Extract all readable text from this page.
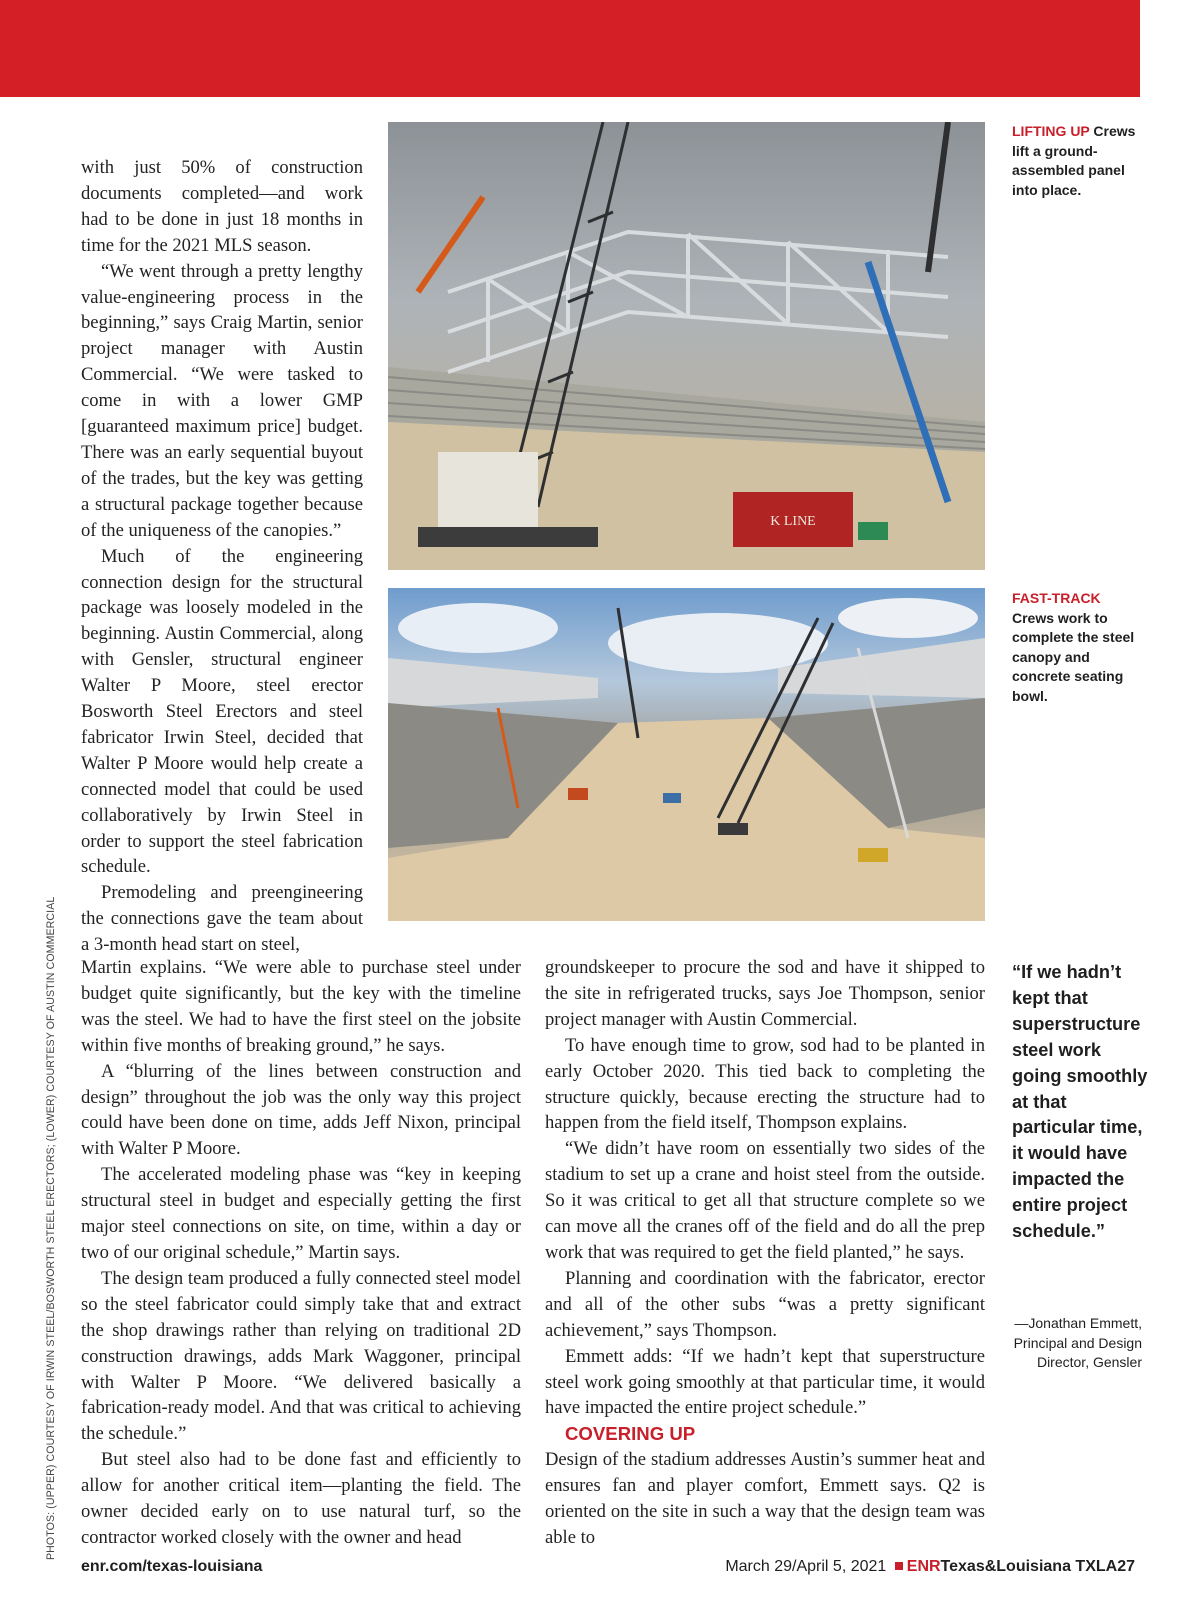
with just 50% of construction documents completed—and work had to be done in just 18 months in time for the 2021 MLS season.

“We went through a pretty lengthy value-engineering process in the beginning,” says Craig Martin, senior project manager with Austin Commercial. “We were tasked to come in with a lower GMP [guaranteed maximum price] budget. There was an early sequential buyout of the trades, but the key was getting a structural package together because of the uniqueness of the canopies.”

Much of the engineering connection design for the structural package was loosely modeled in the beginning. Austin Commercial, along with Gensler, structural engineer Walter P Moore, steel erector Bosworth Steel Erectors and steel fabricator Irwin Steel, decided that Walter P Moore would help create a connected model that could be used collaboratively by Irwin Steel in order to support the steel fabrication schedule.

Premodeling and preengineering the connections gave the team about a 3-month head start on steel,

K LINE
LIFTING UP Crews lift a ground-assembled panel into place.
FAST-TRACK
Crews work to complete the steel canopy and concrete seating bowl.

Martin explains. “We were able to purchase steel under budget quite significantly, but the key with the timeline was the steel. We had to have the first steel on the jobsite within five months of breaking ground,” he says.

A “blurring of the lines between construction and design” throughout the job was the only way this project could have been done on time, adds Jeff Nixon, principal with Walter P Moore.

The accelerated modeling phase was “key in keeping structural steel in budget and especially getting the first major steel connections on site, on time, within a day or two of our original schedule,” Martin says.

The design team produced a fully connected steel model so the steel fabricator could simply take that and extract the shop drawings rather than relying on traditional 2D construction drawings, adds Mark Waggoner, principal with Walter P Moore. “We delivered basically a fabrication-ready model. And that was critical to achieving the schedule.”

But steel also had to be done fast and efficiently to allow for another critical item—planting the field. The owner decided early on to use natural turf, so the contractor worked closely with the owner and head

groundskeeper to procure the sod and have it shipped to the site in refrigerated trucks, says Joe Thompson, senior project manager with Austin Commercial.

To have enough time to grow, sod had to be planted in early October 2020. This tied back to completing the structure quickly, because erecting the structure had to happen from the field itself, Thompson explains.

“We didn’t have room on essentially two sides of the stadium to set up a crane and hoist steel from the outside. So it was critical to get all that structure complete so we can move all the cranes off of the field and do all the prep work that was required to get the field planted,” he says.

Planning and coordination with the fabricator, erector and all of the other subs “was a pretty significant achievement,” says Thompson.

Emmett adds: “If we hadn’t kept that superstructure steel work going smoothly at that particular time, it would have impacted the entire project schedule.”

COVERING UP

Design of the stadium addresses Austin’s summer heat and ensures fan and player comfort, Emmett says. Q2 is oriented on the site in such a way that the design team was able to

“If we hadn’t kept that superstructure steel work going smoothly at that particular time, it would have impacted the entire project schedule.”
—Jonathan Emmett,
Principal and Design Director, Gensler
PHOTOS: (UPPER) COURTESY OF IRWIN STEEL/BOSWORTH STEEL ERECTORS; (LOWER) COURTESY OF AUSTIN COMMERCIAL
enr.com/texas-louisiana	March 29/April 5, 2021 ENRTexas&Louisiana TXLA27
